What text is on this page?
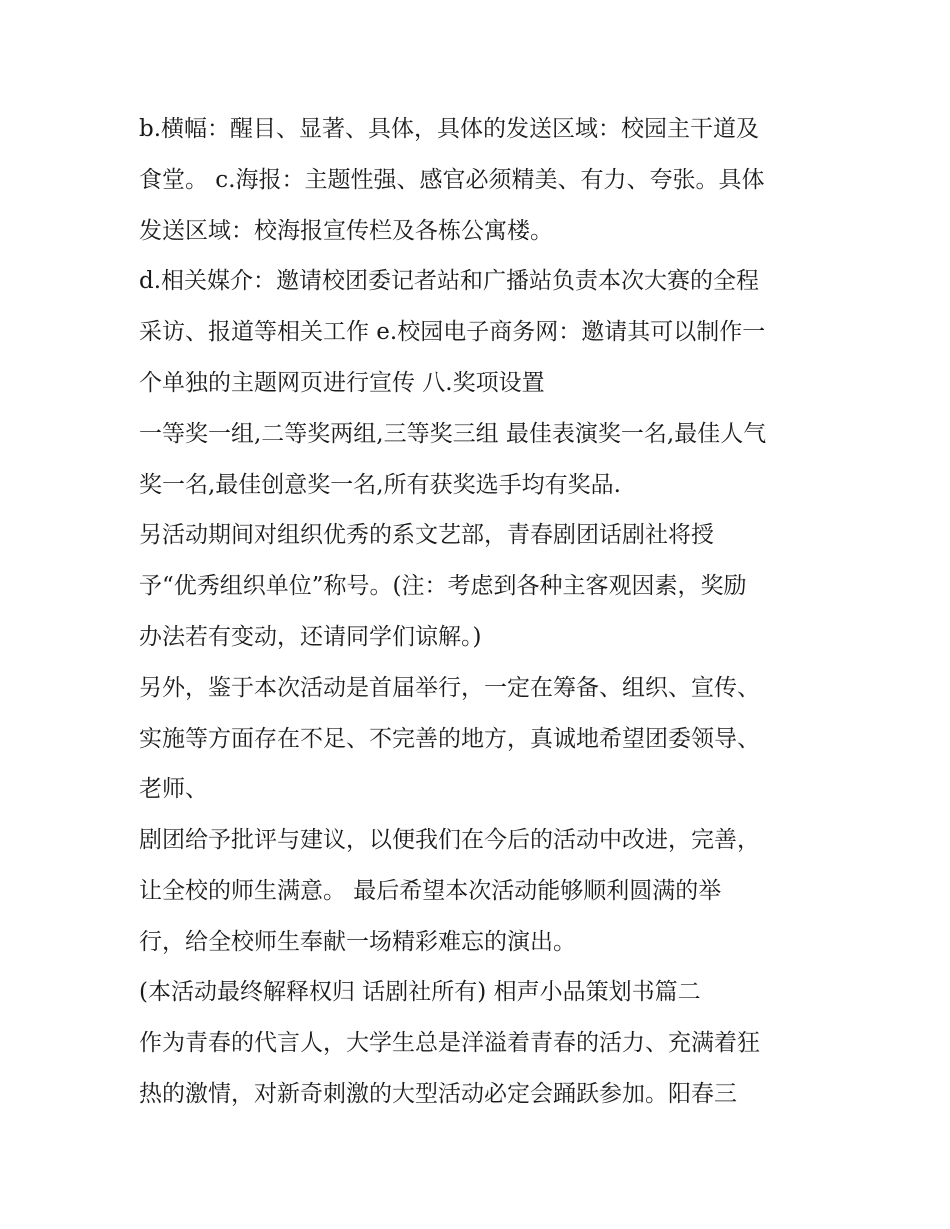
b.横幅：醒目、显著、具体，具体的发送区域：校园主干道及
食堂。 c.海报：主题性强、感官必须精美、有力、夸张。具体
发送区域：校海报宣传栏及各栋公寓楼。
d.相关媒介：邀请校团委记者站和广播站负责本次大赛的全程
采访、报道等相关工作 e.校园电子商务网：邀请其可以制作一
个单独的主题网页进行宣传 八.奖项设置
一等奖一组,二等奖两组,三等奖三组 最佳表演奖一名,最佳人气
奖一名,最佳创意奖一名,所有获奖选手均有奖品.
另活动期间对组织优秀的系文艺部，青春剧团话剧社将授
予“优秀组织单位”称号。(注：考虑到各种主客观因素，奖励
办法若有变动，还请同学们谅解。)
另外，鉴于本次活动是首届举行，一定在筹备、组织、宣传、
实施等方面存在不足、不完善的地方，真诚地希望团委领导、
老师、
剧团给予批评与建议，以便我们在今后的活动中改进，完善，
让全校的师生满意。 最后希望本次活动能够顺利圆满的举
行，给全校师生奉献一场精彩难忘的演出。
(本活动最终解释权归 话剧社所有) 相声小品策划书篇二
作为青春的代言人，大学生总是洋溢着青春的活力、充满着狂
热的激情，对新奇刺激的大型活动必定会踊跃参加。阳春三
